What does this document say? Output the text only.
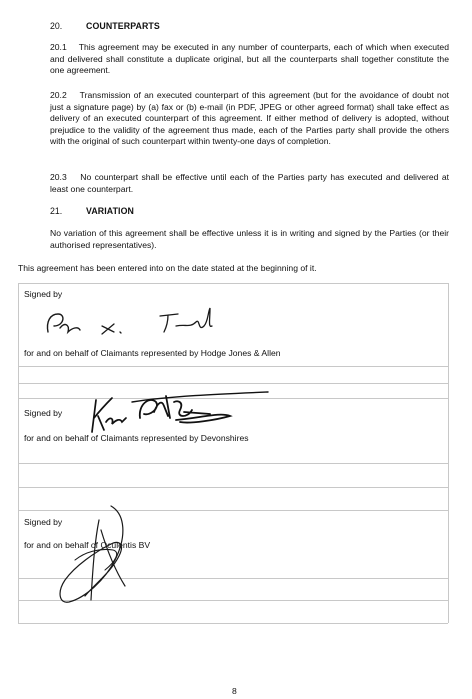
20.	COUNTERPARTS
20.1 This agreement may be executed in any number of counterparts, each of which when executed and delivered shall constitute a duplicate original, but all the counterparts shall together constitute the one agreement.
20.2 Transmission of an executed counterpart of this agreement (but for the avoidance of doubt not just a signature page) by (a) fax or (b) e-mail (in PDF, JPEG or other agreed format) shall take effect as delivery of an executed counterpart of this agreement. If either method of delivery is adopted, without prejudice to the validity of the agreement thus made, each of the Parties party shall provide the others with the original of such counterpart within twenty-one days of completion.
20.3 No counterpart shall be effective until each of the Parties party has executed and delivered at least one counterpart.
21.	VARIATION
No variation of this agreement shall be effective unless it is in writing and signed by the Parties (or their authorised representatives).
This agreement has been entered into on the date stated at the beginning of it.
Signed by
for and on behalf of Claimants represented by Hodge Jones & Allen
Signed by
for and on behalf of Claimants represented by Devonshires
Signed by
for and on behalf of Oculentis BV
8
